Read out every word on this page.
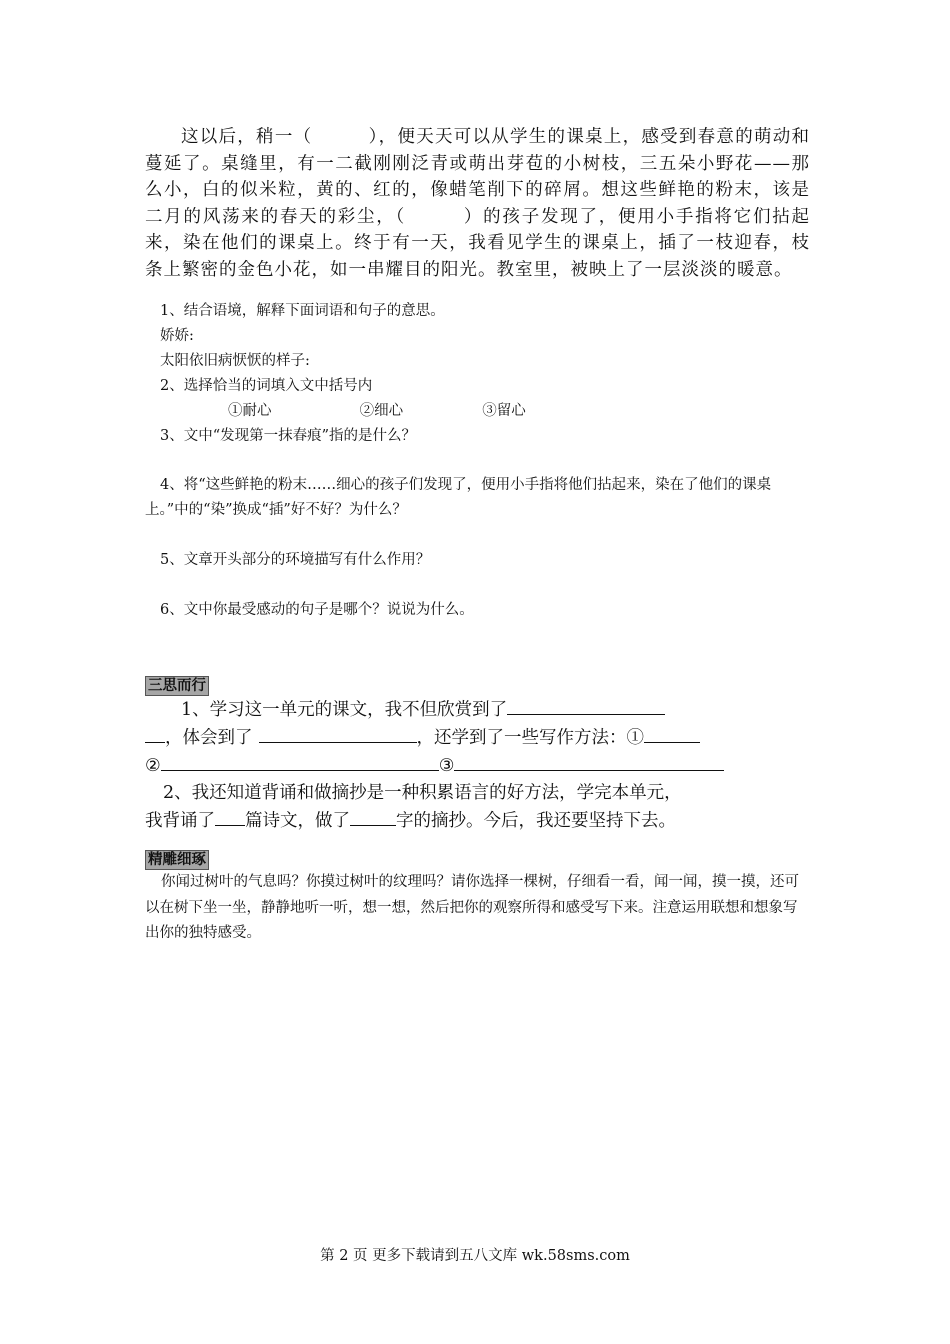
这以后，稍一（　　　），便天天可以从学生的课桌上，感受到春意的萌动和蔓延了。桌缝里，有一二截刚刚泛青或萌出芽苞的小树枝，三五朵小野花——那么小，白的似米粒，黄的、红的，像蜡笔削下的碎屑。想这些鲜艳的粉末，该是二月的风荡来的春天的彩尘，（　　　）的孩子发现了，便用小手指将它们拈起来，染在他们的课桌上。终于有一天，我看见学生的课桌上，插了一枝迎春，枝条上繁密的金色小花，如一串耀目的阳光。教室里，被映上了一层淡淡的暖意。

1、结合语境，解释下面词语和句子的意思。
娇娇:
太阳依旧病恹恹的样子:
2、选择恰当的词填入文中括号内
①耐心	②细心	③留心
3、文中“发现第一抹春痕”指的是什么？

4、将“这些鲜艳的粉末……细心的孩子们发现了，便用小手指将他们拈起来，染在了他们的课桌上。”中的“染”换成“插”好不好？为什么？

5、文章开头部分的环境描写有什么作用？
6、文中你最受感动的句子是哪个？说说为什么。
三思而行
1、学习这一单元的课文，我不但欣赏到了
，体会到了	，还学到了一些写作方法：①
②	③
2、我还知道背诵和做摘抄是一种积累语言的好方法，学完本单元，
我背诵了 篇诗文，做了	字的摘抄。今后，我还要坚持下去。
精雕细琢

你闻过树叶的气息吗？你摸过树叶的纹理吗？请你选择一棵树，仔细看一看，闻一闻，摸一摸，还可以在树下坐一坐，静静地听一听，想一想，然后把你的观察所得和感受写下来。注意运用联想和想象写出你的独特感受。

第 2 页 更多下载请到五八文库 wk.58sms.com
